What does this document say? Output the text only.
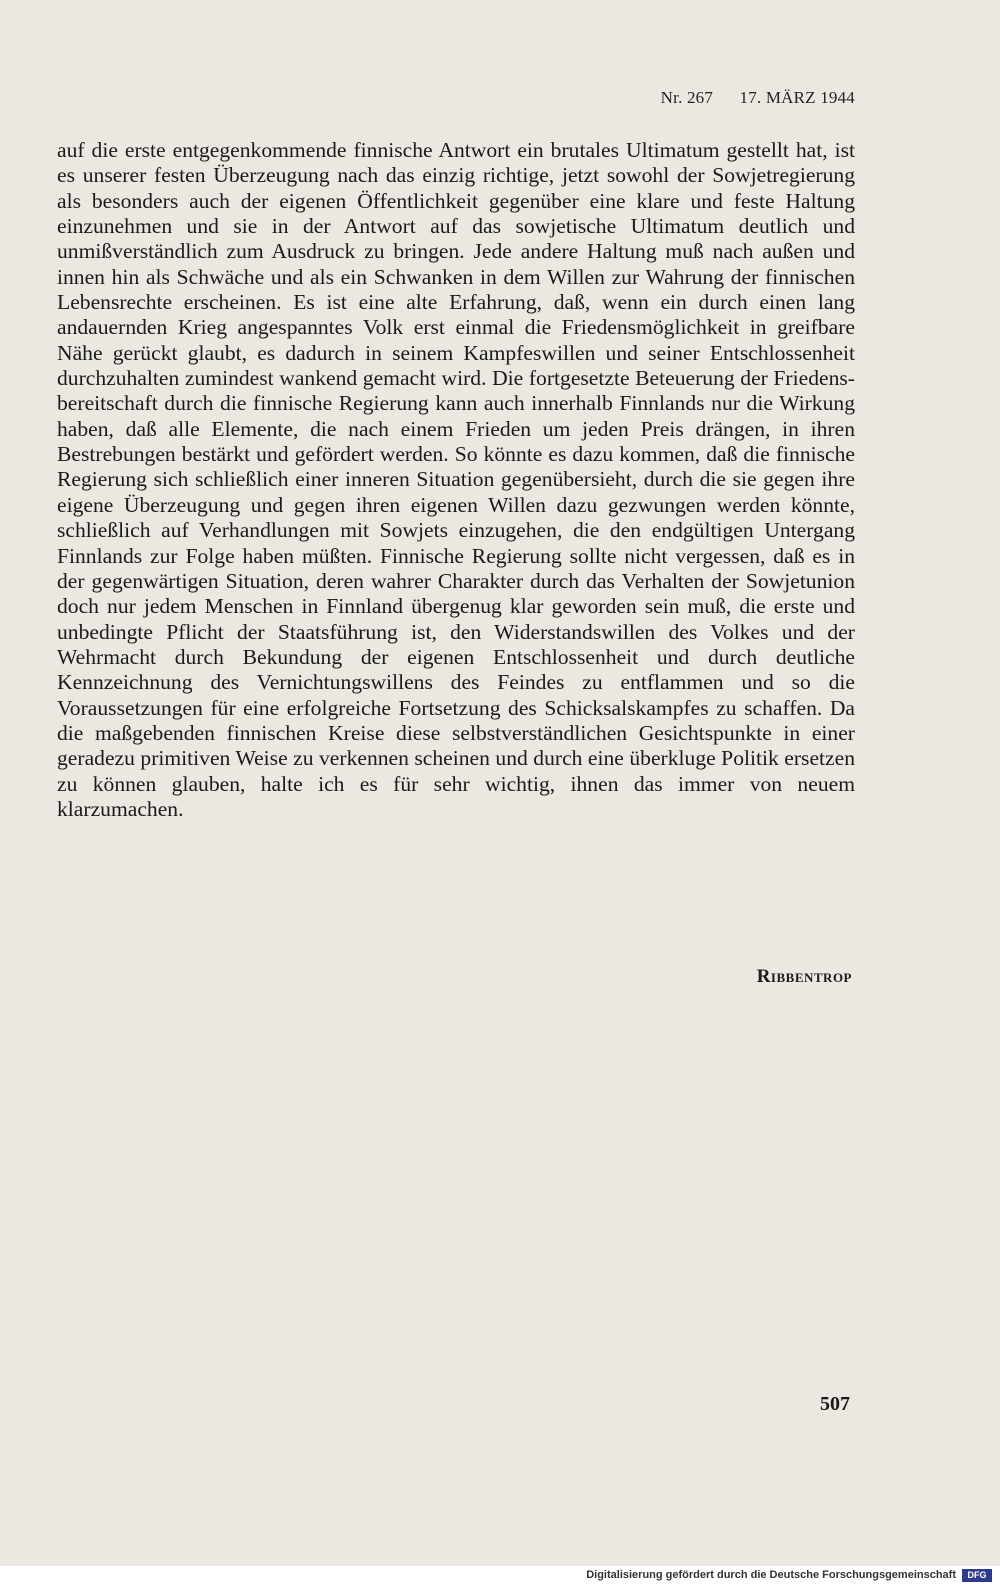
Nr. 267 17. MÄRZ 1944
auf die erste entgegenkommende finnische Antwort ein brutales Ultimatum gestellt hat, ist es unserer festen Überzeugung nach das einzig richtige, jetzt sowohl der Sowjetregierung als besonders auch der eigenen Öffentlichkeit gegenüber eine klare und feste Haltung einzunehmen und sie in der Antwort auf das sowjetische Ultimatum deutlich und unmißverständlich zum Ausdruck zu bringen. Jede andere Haltung muß nach außen und innen hin als Schwäche und als ein Schwanken in dem Willen zur Wahrung der finnischen Lebensrechte erscheinen. Es ist eine alte Erfahrung, daß, wenn ein durch einen lang andauernden Krieg angespanntes Volk erst einmal die Friedensmöglichkeit in greifbare Nähe gerückt glaubt, es dadurch in seinem Kampfeswillen und seiner Entschlossenheit durchzuhalten zumindest wankend gemacht wird. Die fortgesetzte Beteuerung der Friedensbereitschaft durch die finnische Regierung kann auch innerhalb Finnlands nur die Wirkung haben, daß alle Elemente, die nach einem Frieden um jeden Preis drängen, in ihren Bestrebungen bestärkt und gefördert werden. So könnte es dazu kommen, daß die finnische Regierung sich schließlich einer inneren Situation gegenübersieht, durch die sie gegen ihre eigene Überzeugung und gegen ihren eigenen Willen dazu gezwungen werden könnte, schließlich auf Verhandlungen mit Sowjets einzugehen, die den endgültigen Untergang Finnlands zur Folge haben müßten. Finnische Regierung sollte nicht vergessen, daß es in der gegenwärtigen Situation, deren wahrer Charakter durch das Verhalten der Sowjetunion doch nur jedem Menschen in Finnland übergenug klar geworden sein muß, die erste und unbedingte Pflicht der Staatsführung ist, den Widerstandswillen des Volkes und der Wehrmacht durch Bekundung der eigenen Entschlossenheit und durch deutliche Kennzeichnung des Vernichtungswillens des Feindes zu entflammen und so die Voraussetzungen für eine erfolgreiche Fortsetzung des Schicksalskampfes zu schaffen. Da die maßgebenden finnischen Kreise diese selbstverständlichen Gesichtspunkte in einer geradezu primitiven Weise zu verkennen scheinen und durch eine überkluge Politik ersetzen zu können glauben, halte ich es für sehr wichtig, ihnen das immer von neuem klarzumachen.
Ribbentrop
507
Digitalisierung gefördert durch die Deutsche Forschungsgemeinschaft	DFG
